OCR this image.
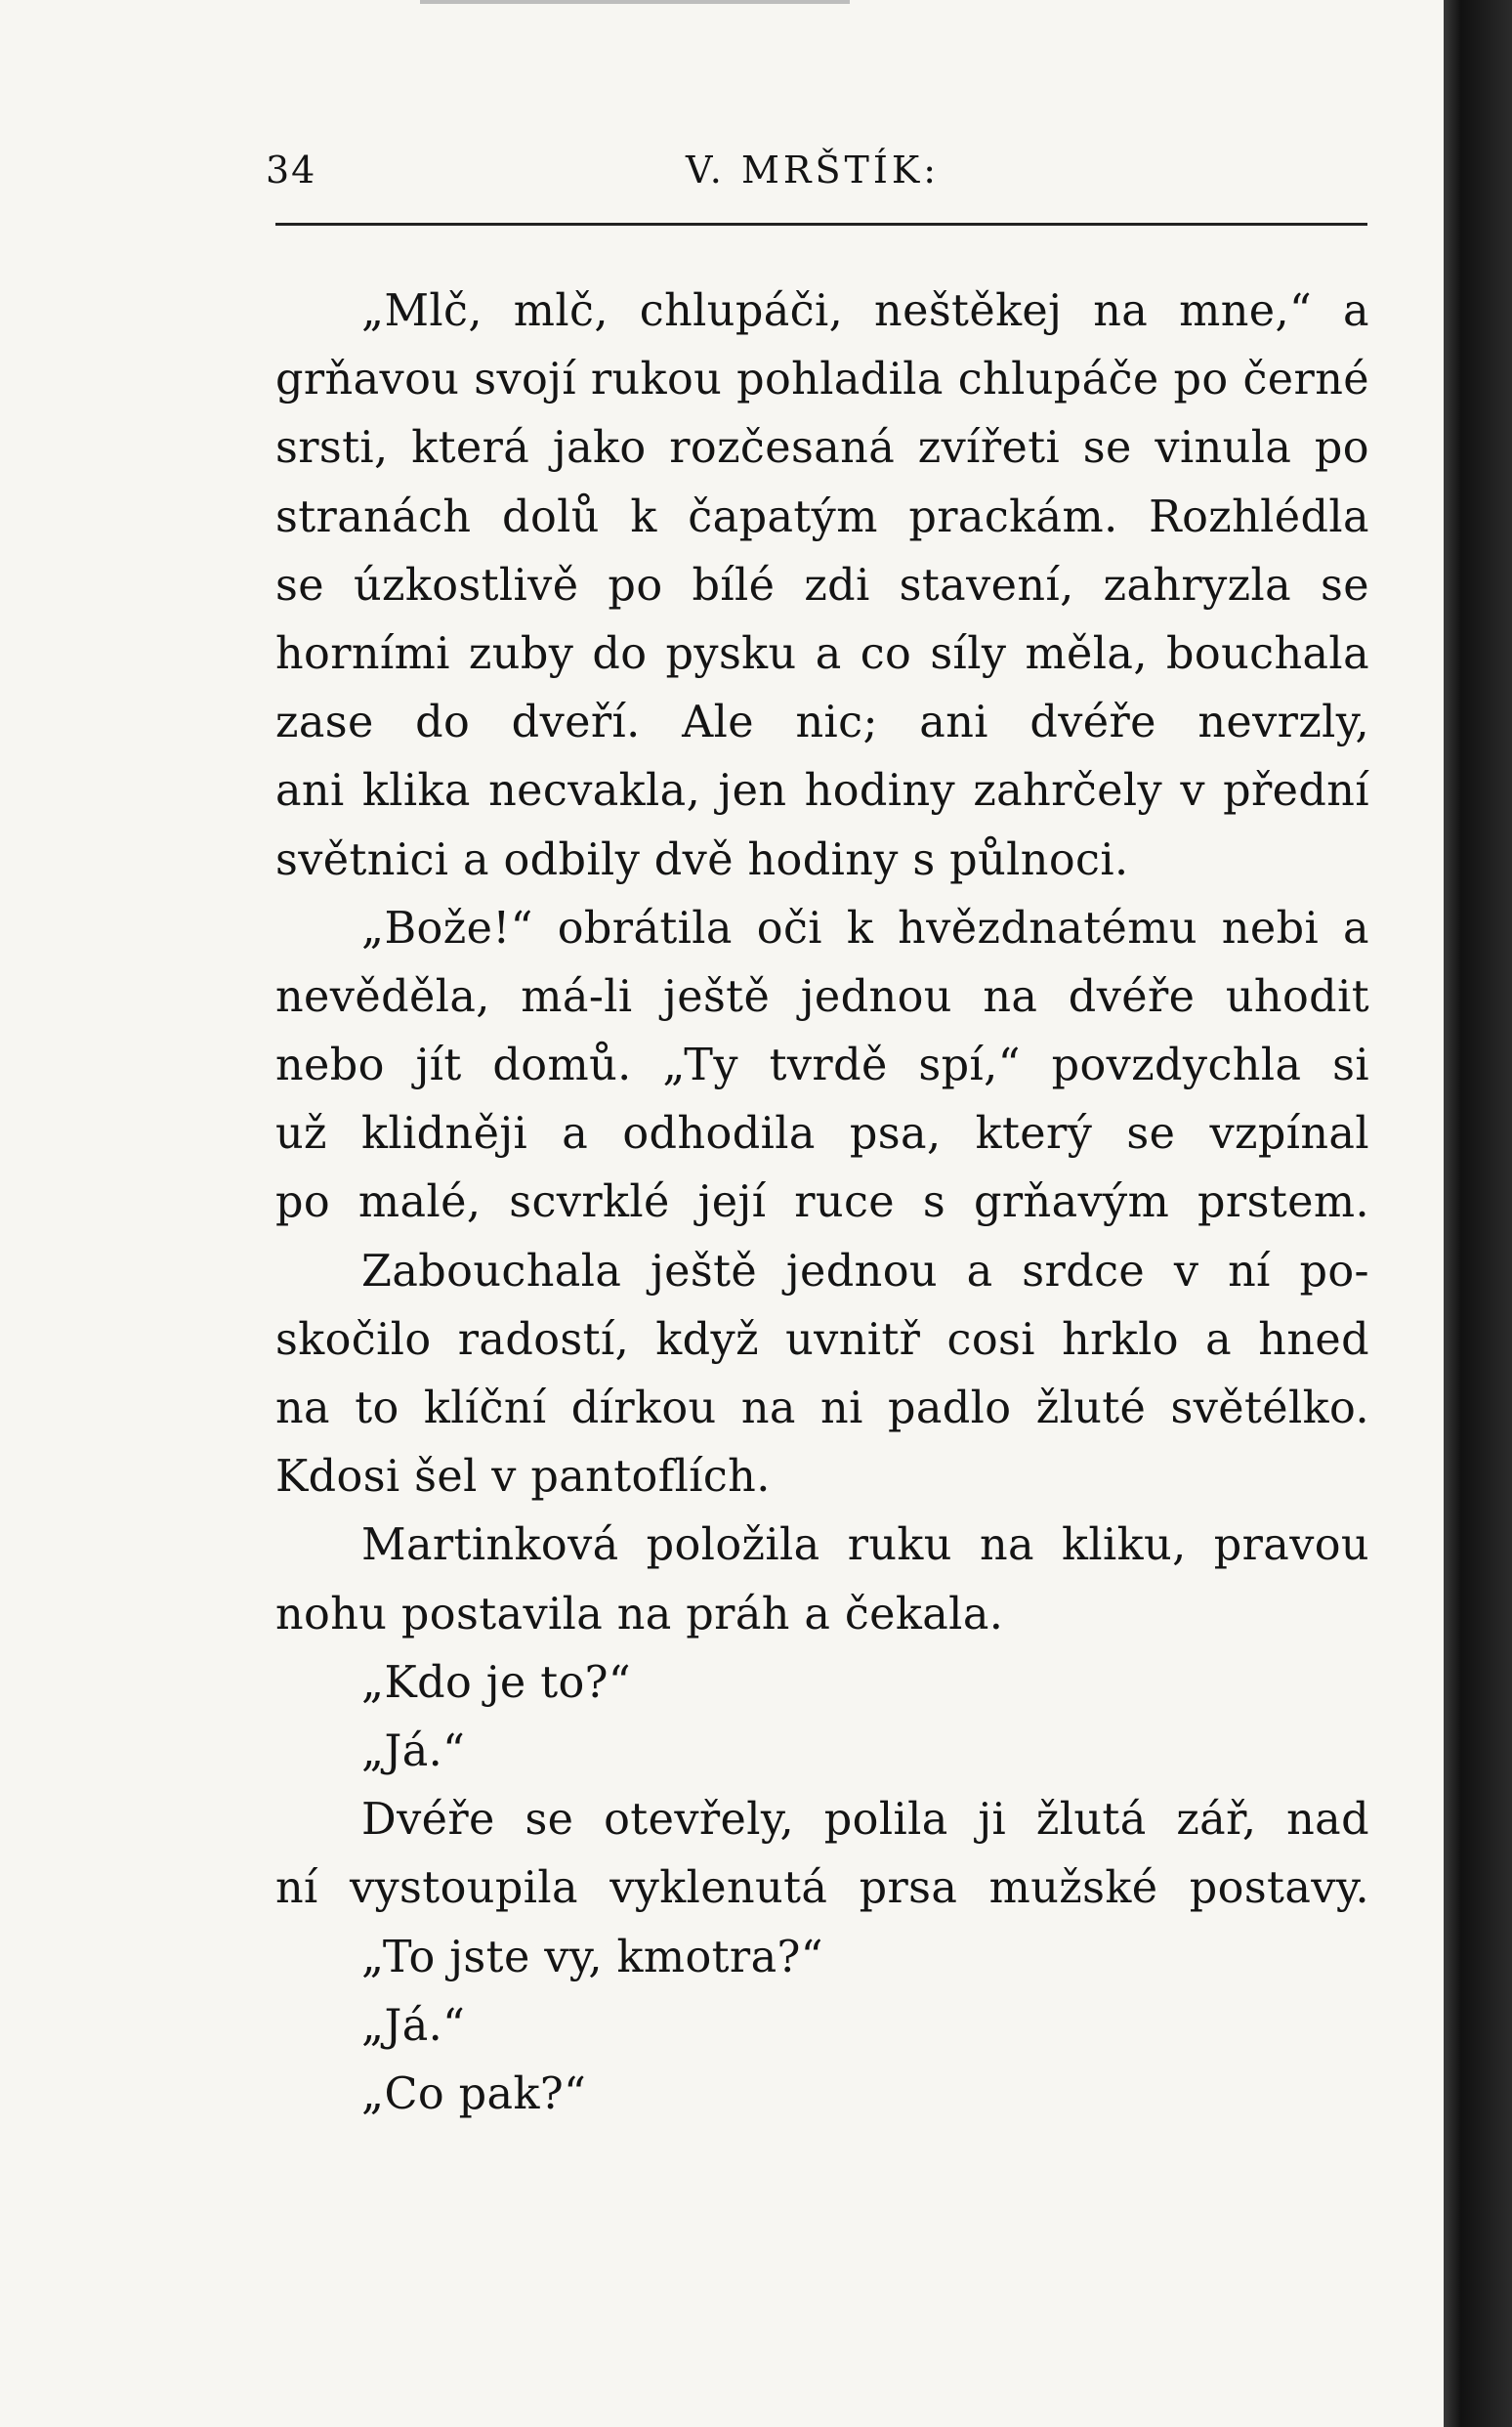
34	V. MRŠTÍK:
„Mlč, mlč, chlupáči, neštěkej na mne,“ a
grňavou svojí rukou pohladila chlupáče po černé
srsti, která jako rozčesaná zvířeti se vinula po
stranách dolů k čapatým prackám. Rozhlédla
se úzkostlivě po bílé zdi stavení, zahryzla se
horními zuby do pysku a co síly měla, bouchala
zase do dveří. Ale nic; ani dvéře nevrzly,
ani klika necvakla, jen hodiny zahrčely v přední
světnici a odbily dvě hodiny s půlnoci.
„Bože!“ obrátila oči k hvězdnatému nebi a
nevěděla, má-li ještě jednou na dvéře uhodit
nebo jít domů. „Ty tvrdě spí,“ povzdychla si
už klidněji a odhodila psa, který se vzpínal
po malé, scvrklé její ruce s grňavým prstem.
Zabouchala ještě jednou a srdce v ní po-
skočilo radostí, když uvnitř cosi hrklo a hned
na to klíční dírkou na ni padlo žluté světélko.
Kdosi šel v pantoflích.
Martinková položila ruku na kliku, pravou
nohu postavila na práh a čekala.
„Kdo je to?“
„Já.“
Dvéře se otevřely, polila ji žlutá zář, nad
ní vystoupila vyklenutá prsa mužské postavy.
„To jste vy, kmotra?“
„Já.“
„Co pak?“
